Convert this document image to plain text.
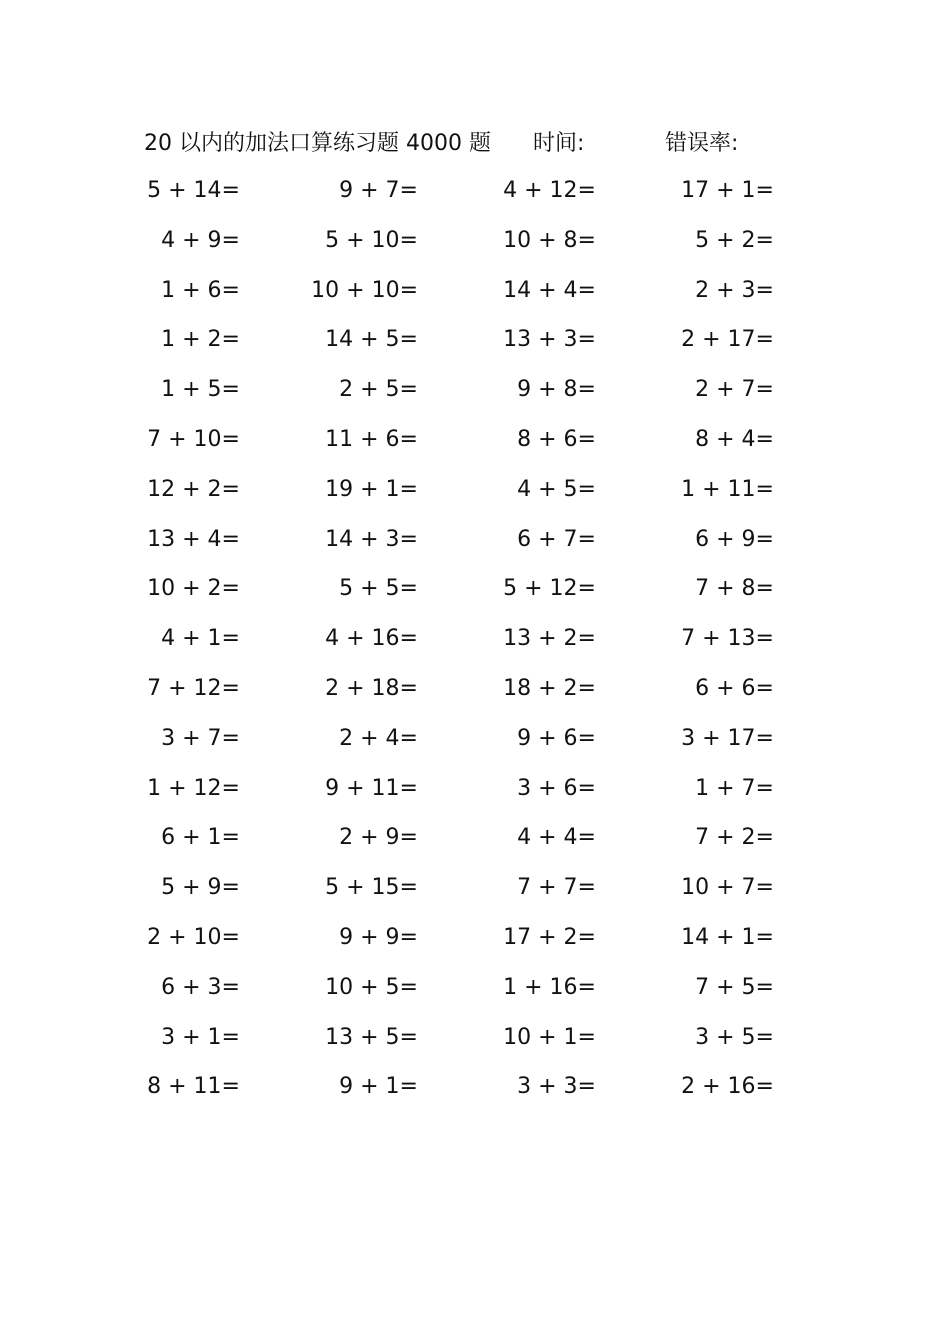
20 以内的加法口算练习题 4000 题 时间:	错误率:
5 + 14=	9 + 7=	4 + 12=	17 + 1=
4 + 9=	5 + 10=	10 + 8=	5 + 2=
1 + 6=	10 + 10=	14 + 4=	2 + 3=
1 + 2=	14 + 5=	13 + 3=	2 + 17=
1 + 5=	2 + 5=	9 + 8=	2 + 7=
7 + 10=	11 + 6=	8 + 6=	8 + 4=
12 + 2=	19 + 1=	4 + 5=	1 + 11=
13 + 4=	14 + 3=	6 + 7=	6 + 9=
10 + 2=	5 + 5=	5 + 12=	7 + 8=
4 + 1=	4 + 16=	13 + 2=	7 + 13=
7 + 12=	2 + 18=	18 + 2=	6 + 6=
3 + 7=	2 + 4=	9 + 6=	3 + 17=
1 + 12=	9 + 11=	3 + 6=	1 + 7=
6 + 1=	2 + 9=	4 + 4=	7 + 2=
5 + 9=	5 + 15=	7 + 7=	10 + 7=
2 + 10=	9 + 9=	17 + 2=	14 + 1=
6 + 3=	10 + 5=	1 + 16=	7 + 5=
3 + 1=	13 + 5=	10 + 1=	3 + 5=
8 + 11=	9 + 1=	3 + 3=	2 + 16=
